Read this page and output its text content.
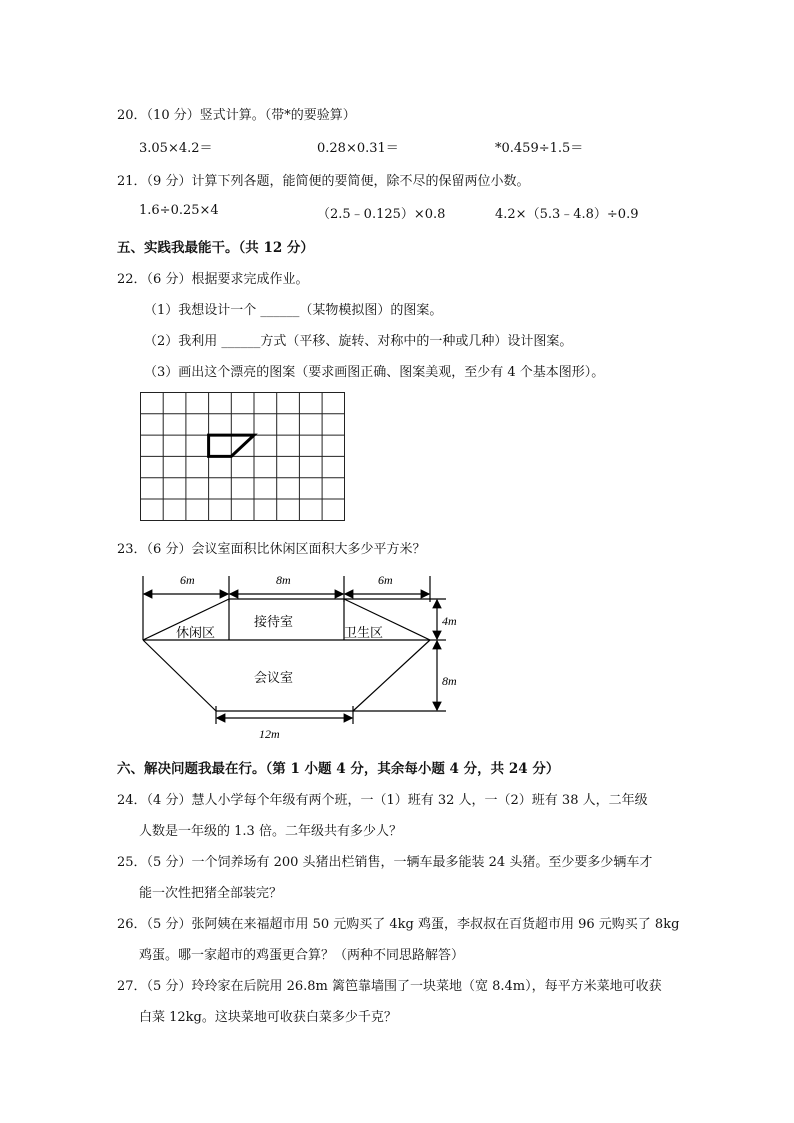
20．（10 分）竖式计算。（带*的要验算）
3.05×4.2＝	0.28×0.31＝	*0.459÷1.5＝
21．（9 分）计算下列各题，能简便的要简便，除不尽的保留两位小数。
1.6÷0.25×4	（2.5﹣0.125）×0.8	4.2×（5.3﹣4.8）÷0.9
五、实践我最能干。（共 12 分）
22．（6 分）根据要求完成作业。
（1）我想设计一个 ______（某物模拟图）的图案。
（2）我利用 ______方式（平移、旋转、对称中的一种或几种）设计图案。
（3）画出这个漂亮的图案（要求画图正确、图案美观，至少有 4 个基本图形）。
23．（6 分）会议室面积比休闲区面积大多少平方米？
6m	8m	6m
4m
8m
12m
休闲区
接待室
卫生区
会议室
六、解决问题我最在行。（第 1 小题 4 分，其余每小题 4 分，共 24 分）
24．（4 分）慧人小学每个年级有两个班，一（1）班有 32 人，一（2）班有 38 人，二年级
人数是一年级的 1.3 倍。二年级共有多少人？
25．（5 分）一个饲养场有 200 头猪出栏销售，一辆车最多能装 24 头猪。至少要多少辆车才
能一次性把猪全部装完？
26．（5 分）张阿姨在来福超市用 50 元购买了 4kg 鸡蛋，李叔叔在百货超市用 96 元购买了 8kg
鸡蛋。哪一家超市的鸡蛋更合算？（两种不同思路解答）
27．（5 分）玲玲家在后院用 26.8m 篱笆靠墙围了一块菜地（宽 8.4m），每平方米菜地可收获
白菜 12kg。这块菜地可收获白菜多少千克？
